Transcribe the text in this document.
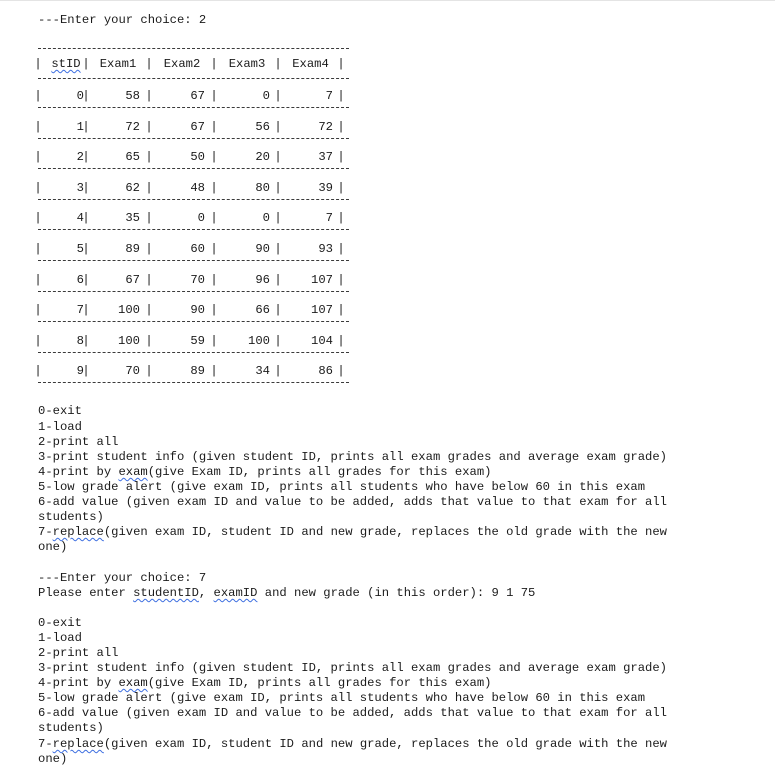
---Enter your choice: 2
|	|	|	|	|	|
stID	Exam1	Exam2	Exam3	Exam4
|	|	|	|	|	|
0	58	67	0	7
|	|	|	|	|	|
1	72	67	56	72
|	|	|	|	|	|
2	65	50	20	37
|	|	|	|	|	|
3	62	48	80	39
|	|	|	|	|	|
4	35	0	0	7
|	|	|	|	|	|
5	89	60	90	93
|	|	|	|	|	|
6	67	70	96	107
|	|	|	|	|	|
7	100	90	66	107
|	|	|	|	|	|
8	100	59	100	104
|	|	|	|	|	|
9	70	89	34	86
0-exit
1-load
2-print all
3-print student info (given student ID, prints all exam grades and average exam grade)
4-print by exam(give Exam ID, prints all grades for this exam)
5-low grade alert (give exam ID, prints all students who have below 60 in this exam
6-add value (given exam ID and value to be added, adds that value to that exam for all
students)
7-replace(given exam ID, student ID and new grade, replaces the old grade with the new
one)
---Enter your choice: 7
Please enter studentID, examID and new grade (in this order): 9 1 75
0-exit
1-load
2-print all
3-print student info (given student ID, prints all exam grades and average exam grade)
4-print by exam(give Exam ID, prints all grades for this exam)
5-low grade alert (give exam ID, prints all students who have below 60 in this exam
6-add value (given exam ID and value to be added, adds that value to that exam for all
students)
7-replace(given exam ID, student ID and new grade, replaces the old grade with the new
one)
